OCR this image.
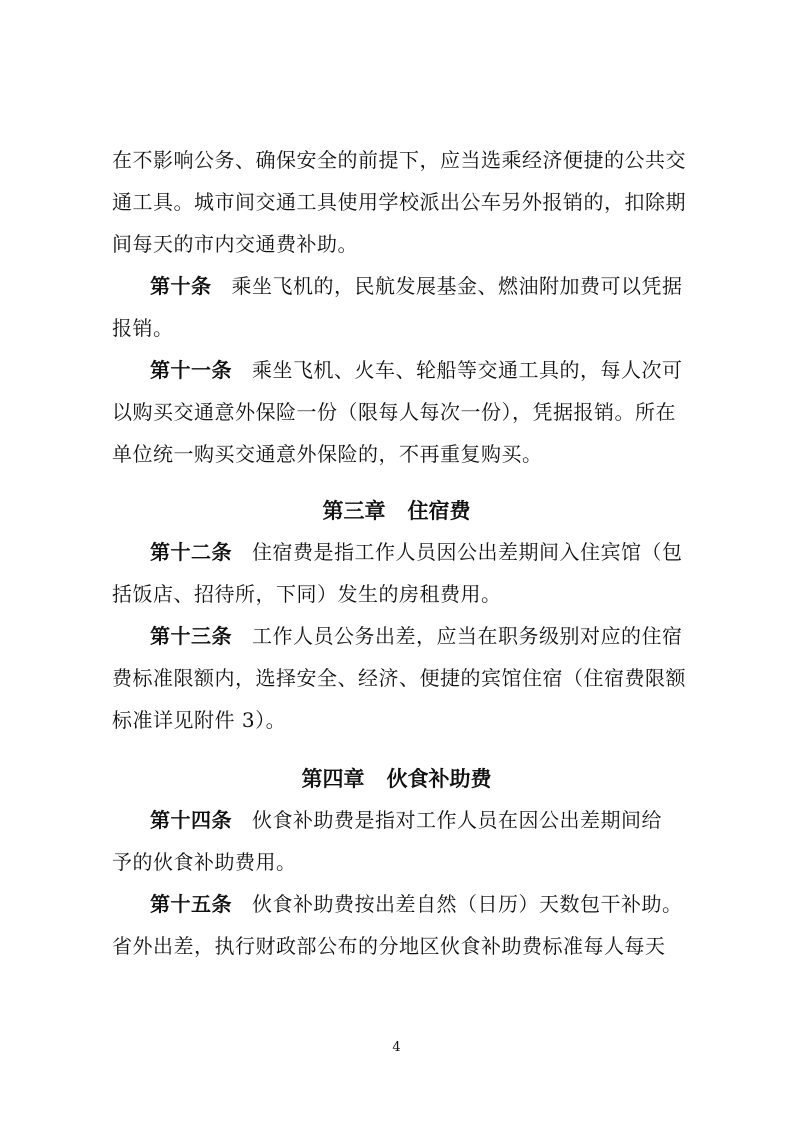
在不影响公务、确保安全的前提下，应当选乘经济便捷的公共交
通工具。城市间交通工具使用学校派出公车另外报销的，扣除期
间每天的市内交通费补助。
第十条 乘坐飞机的，民航发展基金、燃油附加费可以凭据
报销。
第十一条 乘坐飞机、火车、轮船等交通工具的，每人次可
以购买交通意外保险一份（限每人每次一份），凭据报销。所在
单位统一购买交通意外保险的，不再重复购买。
第三章 住宿费
第十二条 住宿费是指工作人员因公出差期间入住宾馆（包
括饭店、招待所，下同）发生的房租费用。
第十三条 工作人员公务出差，应当在职务级别对应的住宿
费标准限额内，选择安全、经济、便捷的宾馆住宿（住宿费限额
标准详见附件 3）。
第四章 伙食补助费
第十四条 伙食补助费是指对工作人员在因公出差期间给
予的伙食补助费用。
第十五条 伙食补助费按出差自然（日历）天数包干补助。
省外出差，执行财政部公布的分地区伙食补助费标准每人每天
4
